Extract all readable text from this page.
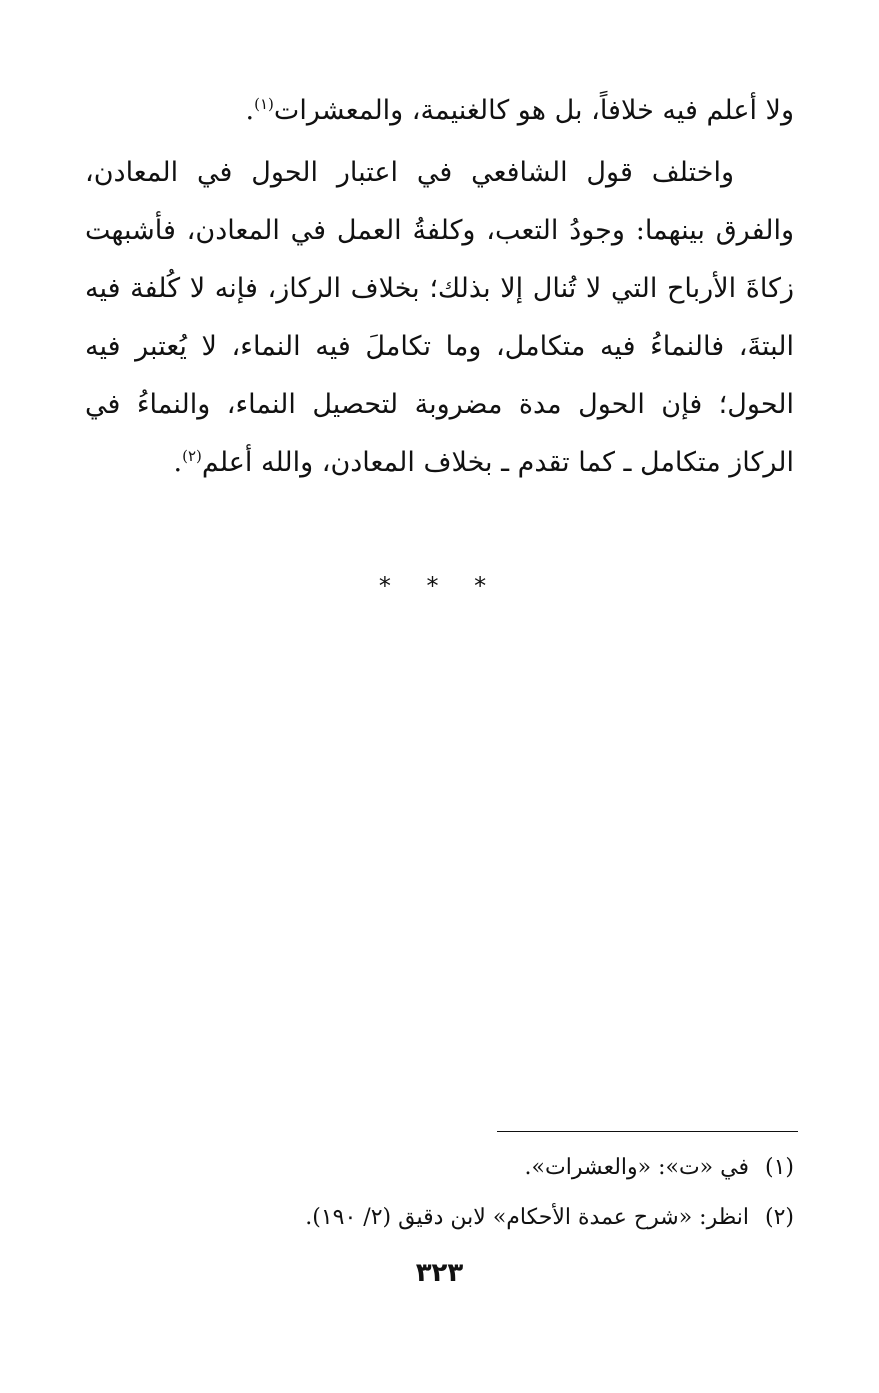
ولا أعلم فيه خلافاً، بل هو كالغنيمة، والمعشرات$^{(١)}$.

واختلف قول الشافعي في اعتبار الحول في المعادن، والفرق بينهما: وجودُ التعب، وكلفةُ العمل في المعادن، فأشبهت زكاةَ الأرباح التي لا تُنال إلا بذلك؛ بخلاف الركاز، فإنه لا كُلفة فيه البتةَ، فالنماءُ فيه متكامل، وما تكاملَ فيه النماء، لا يُعتبر فيه الحول؛ فإن الحول مدة مضروبة لتحصيل النماء، والنماءُ في الركاز متكامل ـ كما تقدم ـ بخلاف المعادن، والله أعلم$^{(٢)}$.

* * *

(١)في «ت»: «والعشرات».

(٢)انظر: «شرح عمدة الأحكام» لابن دقيق (٢/ ١٩٠).

٣٢٣
